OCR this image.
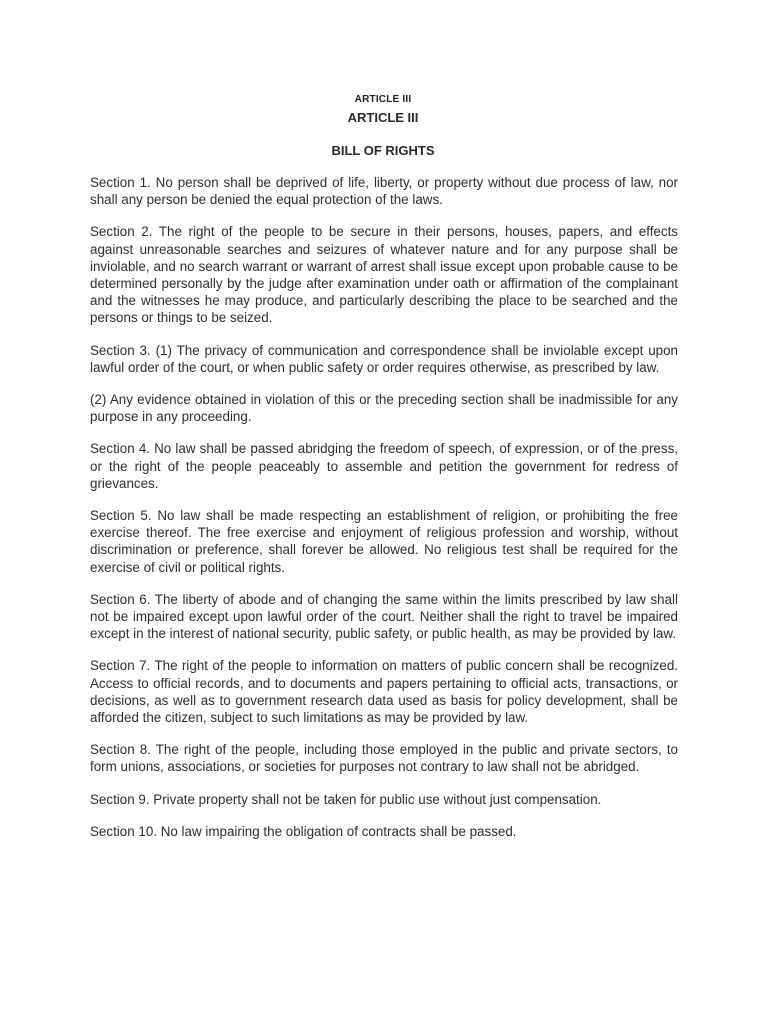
ARTICLE III
ARTICLE III
BILL OF RIGHTS

Section 1. No person shall be deprived of life, liberty, or property without due process of law, nor shall any person be denied the equal protection of the laws.

Section 2. The right of the people to be secure in their persons, houses, papers, and effects against unreasonable searches and seizures of whatever nature and for any purpose shall be inviolable, and no search warrant or warrant of arrest shall issue except upon probable cause to be determined personally by the judge after examination under oath or affirmation of the complainant and the witnesses he may produce, and particularly describing the place to be searched and the persons or things to be seized.

Section 3. (1) The privacy of communication and correspondence shall be inviolable except upon lawful order of the court, or when public safety or order requires otherwise, as prescribed by law.

(2) Any evidence obtained in violation of this or the preceding section shall be inadmissible for any purpose in any proceeding.

Section 4. No law shall be passed abridging the freedom of speech, of expression, or of the press, or the right of the people peaceably to assemble and petition the government for redress of grievances.

Section 5. No law shall be made respecting an establishment of religion, or prohibiting the free exercise thereof. The free exercise and enjoyment of religious profession and worship, without discrimination or preference, shall forever be allowed. No religious test shall be required for the exercise of civil or political rights.

Section 6. The liberty of abode and of changing the same within the limits prescribed by law shall not be impaired except upon lawful order of the court. Neither shall the right to travel be impaired except in the interest of national security, public safety, or public health, as may be provided by law.

Section 7. The right of the people to information on matters of public concern shall be recognized. Access to official records, and to documents and papers pertaining to official acts, transactions, or decisions, as well as to government research data used as basis for policy development, shall be afforded the citizen, subject to such limitations as may be provided by law.

Section 8. The right of the people, including those employed in the public and private sectors, to form unions, associations, or societies for purposes not contrary to law shall not be abridged.

Section 9. Private property shall not be taken for public use without just compensation.

Section 10. No law impairing the obligation of contracts shall be passed.
